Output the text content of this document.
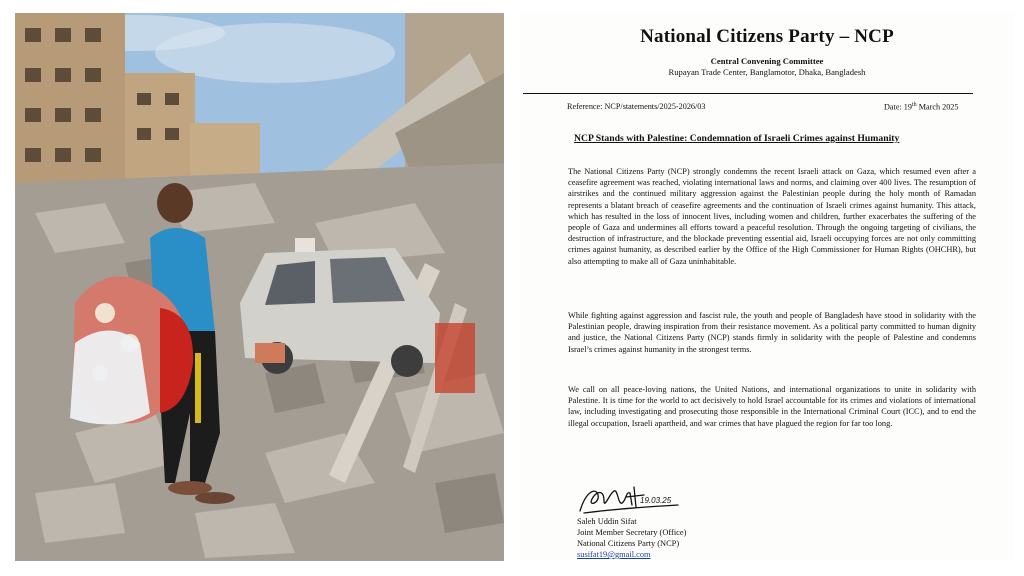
National Citizens Party – NCP
Central Convening Committee
Rupayan Trade Center, Banglamotor, Dhaka, Bangladesh
Reference: NCP/statements/2025-2026/03	Date: 19th March 2025
NCP Stands with Palestine: Condemnation of Israeli Crimes against Humanity

The National Citizens Party (NCP) strongly condemns the recent Israeli attack on Gaza, which resumed even after a ceasefire agreement was reached, violating international laws and norms, and claiming over 400 lives. The resumption of airstrikes and the continued military aggression against the Palestinian people during the holy month of Ramadan represents a blatant breach of ceasefire agreements and the continuation of Israeli crimes against humanity. This attack, which has resulted in the loss of innocent lives, including women and children, further exacerbates the suffering of the people of Gaza and undermines all efforts toward a peaceful resolution. Through the ongoing targeting of civilians, the destruction of infrastructure, and the blockade preventing essential aid, Israeli occupying forces are not only committing crimes against humanity, as described earlier by the Office of the High Commissioner for Human Rights (OHCHR), but also attempting to make all of Gaza uninhabitable.

While fighting against aggression and fascist rule, the youth and people of Bangladesh have stood in solidarity with the Palestinian people, drawing inspiration from their resistance movement. As a political party committed to human dignity and justice, the National Citizens Party (NCP) stands firmly in solidarity with the people of Palestine and condemns Israel’s crimes against humanity in the strongest terms.

We call on all peace-loving nations, the United Nations, and international organizations to unite in solidarity with Palestine. It is time for the world to act decisively to hold Israel accountable for its crimes and violations of international law, including investigating and prosecuting those responsible in the International Criminal Court (ICC), and to end the illegal occupation, Israeli apartheid, and war crimes that have plagued the region for far too long.

19.03.25
Saleh Uddin Sifat
Joint Member Secretary (Office)
National Citizens Party (NCP)
susifat19@gmail.com
